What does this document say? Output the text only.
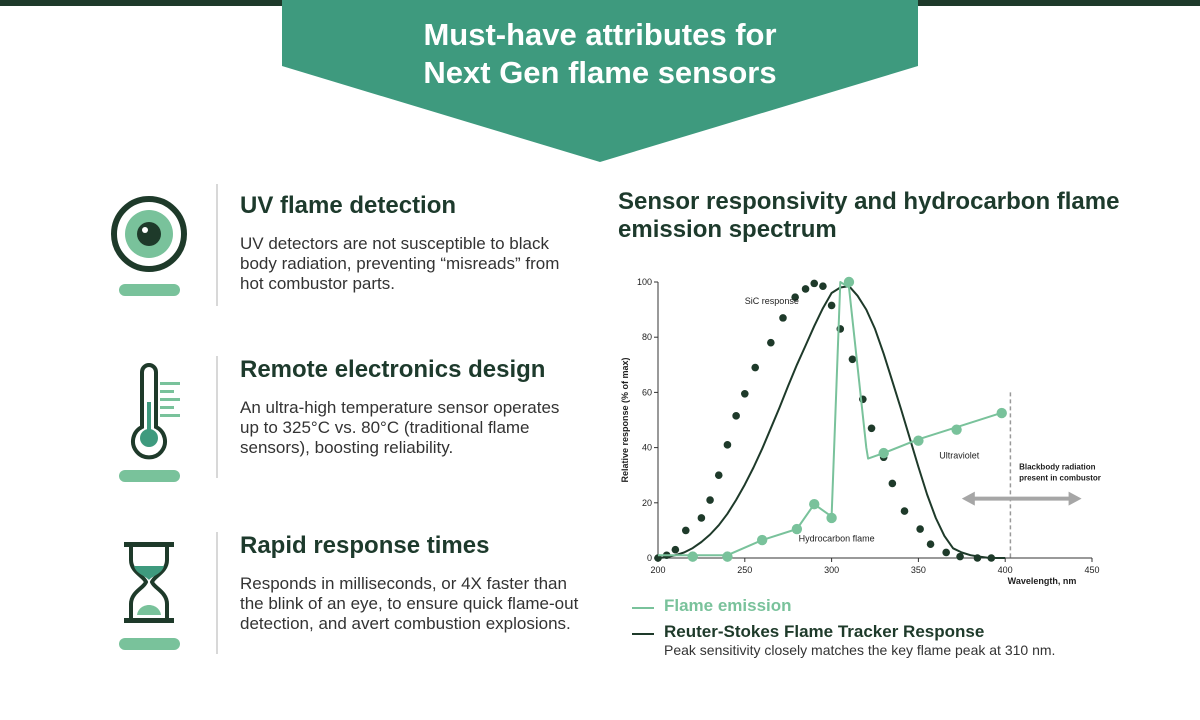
Must-have attributes for
Next Gen flame sensors
UV flame detection

UV detectors are not susceptible to black body radiation, preventing “misreads” from hot combustor parts.

Remote electronics design

An ultra-high temperature sensor operates up to 325°C vs. 80°C (traditional flame sensors), boosting reliability.

Rapid response times

Responds in milliseconds, or 4X faster than the blink of an eye, to ensure quick flame-out detection, and avert combustion explosions.

Sensor responsivity and hydrocarbon flame emission spectrum
0
20
40
60
80
100
200	250	300	350	400	450
Relative response (% of max)
Wavelength, nm
SiC response
Ultraviolet
Hydrocarbon flame
Blackbody radiation
present in combustor
Flame emission
Reuter-Stokes Flame Tracker Response
Peak sensitivity closely matches the key flame peak at 310 nm.
